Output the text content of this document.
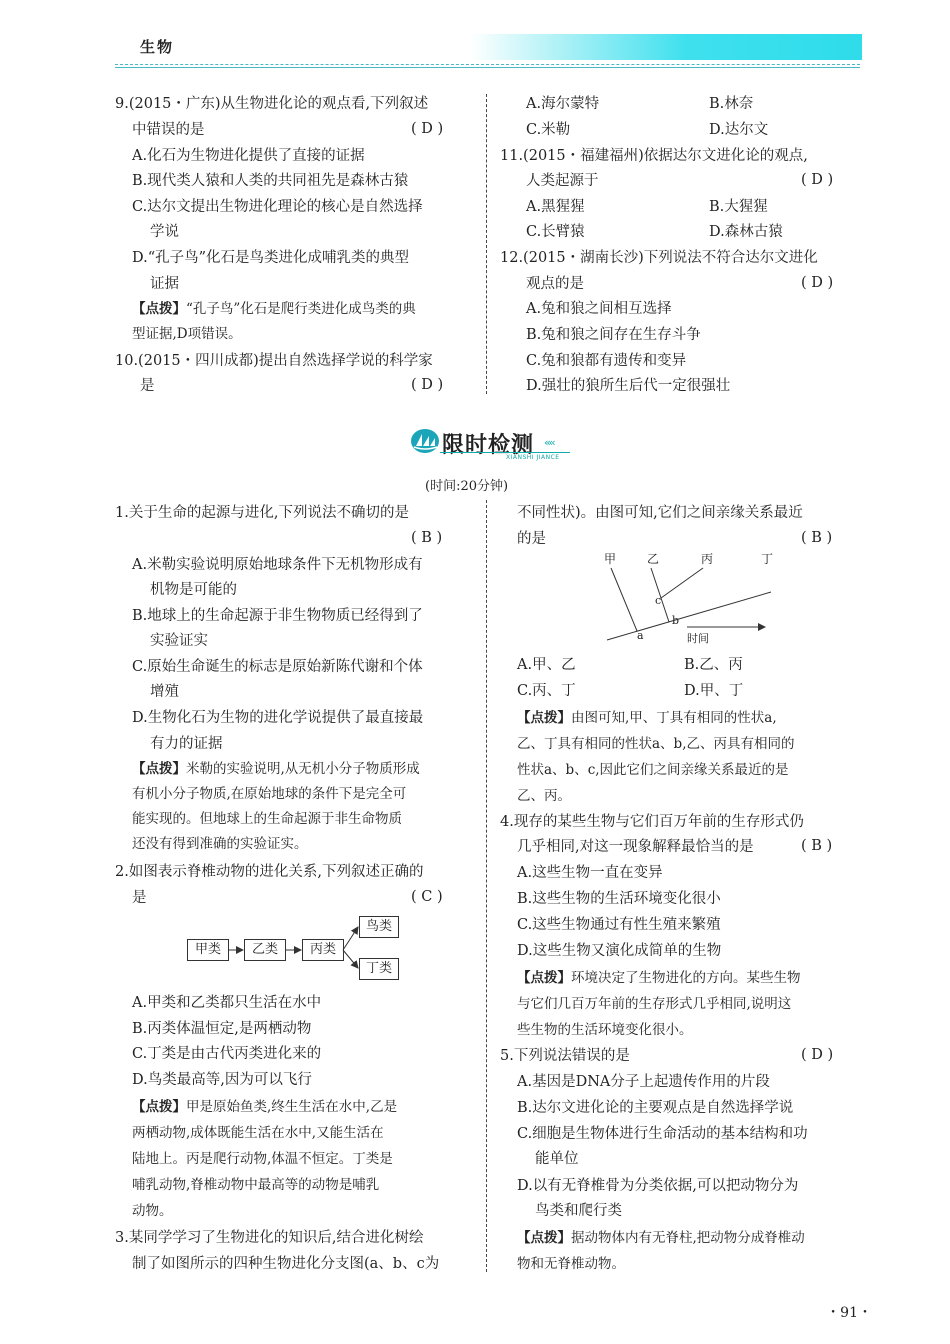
生物
9.(2015・广东)从生物进化论的观点看,下列叙述
中错误的是	( D )
A.化石为生物进化提供了直接的证据
B.现代类人猿和人类的共同祖先是森林古猿
C.达尔文提出生物进化理论的核心是自然选择
学说
D.“孔子鸟”化石是鸟类进化成哺乳类的典型
证据
【点拨】“孔子鸟”化石是爬行类进化成鸟类的典
型证据,D项错误。
10.(2015・四川成都)提出自然选择学说的科学家
是	( D )
A.海尔蒙特	B.林奈
C.米勒	D.达尔文
11.(2015・福建福州)依据达尔文进化论的观点,
人类起源于	( D )
A.黑猩猩	B.大猩猩
C.长臂猿	D.森林古猿
12.(2015・湖南长沙)下列说法不符合达尔文进化
观点的是	( D )
A.兔和狼之间相互选择
B.兔和狼之间存在生存斗争
C.兔和狼都有遗传和变异
D.强壮的狼所生后代一定很强壮
限时检测 ‹‹‹‹
XIANSHI JIANCE
(时间:20分钟)
1.关于生命的起源与进化,下列说法不确切的是
( B )
A.米勒实验说明原始地球条件下无机物形成有
机物是可能的
B.地球上的生命起源于非生物物质已经得到了
实验证实
C.原始生命诞生的标志是原始新陈代谢和个体
增殖
D.生物化石为生物的进化学说提供了最直接最
有力的证据
【点拨】米勒的实验说明,从无机小分子物质形成
有机小分子物质,在原始地球的条件下是完全可
能实现的。但地球上的生命起源于非生命物质
还没有得到准确的实验证实。
2.如图表示脊椎动物的进化关系,下列叙述正确的
是	( C )
甲类	乙类	丙类
鸟类
丁类
A.甲类和乙类都只生活在水中
B.丙类体温恒定,是两栖动物
C.丁类是由古代丙类进化来的
D.鸟类最高等,因为可以飞行
【点拨】甲是原始鱼类,终生生活在水中,乙是
两栖动物,成体既能生活在水中,又能生活在
陆地上。丙是爬行动物,体温不恒定。丁类是
哺乳动物,脊椎动物中最高等的动物是哺乳
动物。
3.某同学学习了生物进化的知识后,结合进化树绘
制了如图所示的四种生物进化分支图(a、b、c为
不同性状)。由图可知,它们之间亲缘关系最近
的是	( B )
甲	乙	丙	丁
a
b
c
时间
A.甲、乙	B.乙、丙
C.丙、丁	D.甲、丁
【点拨】由图可知,甲、丁具有相同的性状a,
乙、丁具有相同的性状a、b,乙、丙具有相同的
性状a、b、c,因此它们之间亲缘关系最近的是
乙、丙。
4.现存的某些生物与它们百万年前的生存形式仍
几乎相同,对这一现象解释最恰当的是	( B )
A.这些生物一直在变异
B.这些生物的生活环境变化很小
C.这些生物通过有性生殖来繁殖
D.这些生物又演化成简单的生物
【点拨】环境决定了生物进化的方向。某些生物
与它们几百万年前的生存形式几乎相同,说明这
些生物的生活环境变化很小。
5.下列说法错误的是	( D )
A.基因是DNA分子上起遗传作用的片段
B.达尔文进化论的主要观点是自然选择学说
C.细胞是生物体进行生命活动的基本结构和功
能单位
D.以有无脊椎骨为分类依据,可以把动物分为
鸟类和爬行类
【点拨】据动物体内有无脊柱,把动物分成脊椎动
物和无脊椎动物。
・91・
